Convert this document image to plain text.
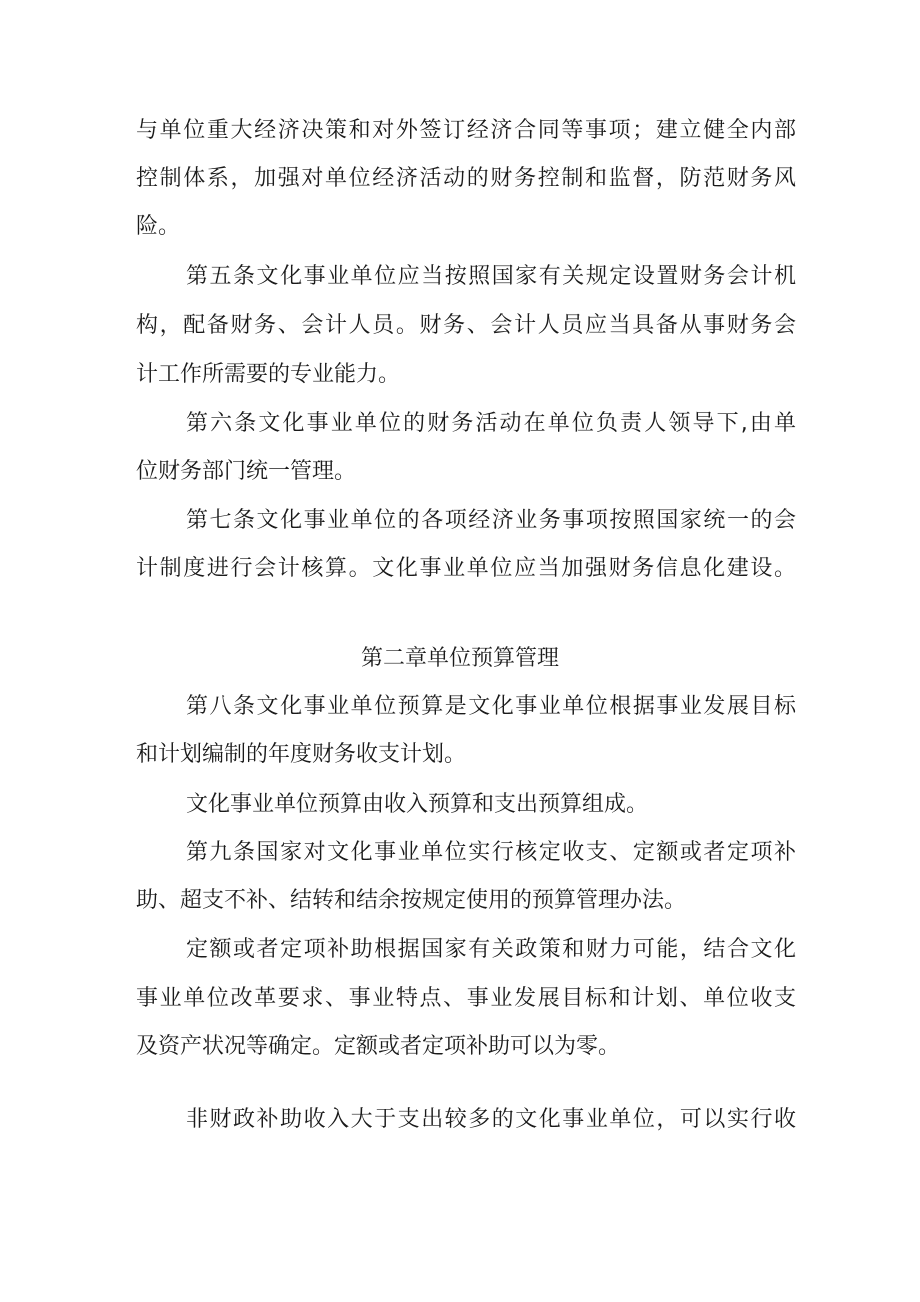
与单位重大经济决策和对外签订经济合同等事项；建立健全内部
控制体系，加强对单位经济活动的财务控制和监督，防范财务风
险。
第五条文化事业单位应当按照国家有关规定设置财务会计机
构，配备财务、会计人员。财务、会计人员应当具备从事财务会
计工作所需要的专业能力。
第六条文化事业单位的财务活动在单位负责人领导下,由单
位财务部门统一管理。
第七条文化事业单位的各项经济业务事项按照国家统一的会
计制度进行会计核算。文化事业单位应当加强财务信息化建设。
第二章单位预算管理
第八条文化事业单位预算是文化事业单位根据事业发展目标
和计划编制的年度财务收支计划。
文化事业单位预算由收入预算和支出预算组成。
第九条国家对文化事业单位实行核定收支、定额或者定项补
助、超支不补、结转和结余按规定使用的预算管理办法。
定额或者定项补助根据国家有关政策和财力可能，结合文化
事业单位改革要求、事业特点、事业发展目标和计划、单位收支
及资产状况等确定。定额或者定项补助可以为零。
非财政补助收入大于支出较多的文化事业单位，可以实行收
